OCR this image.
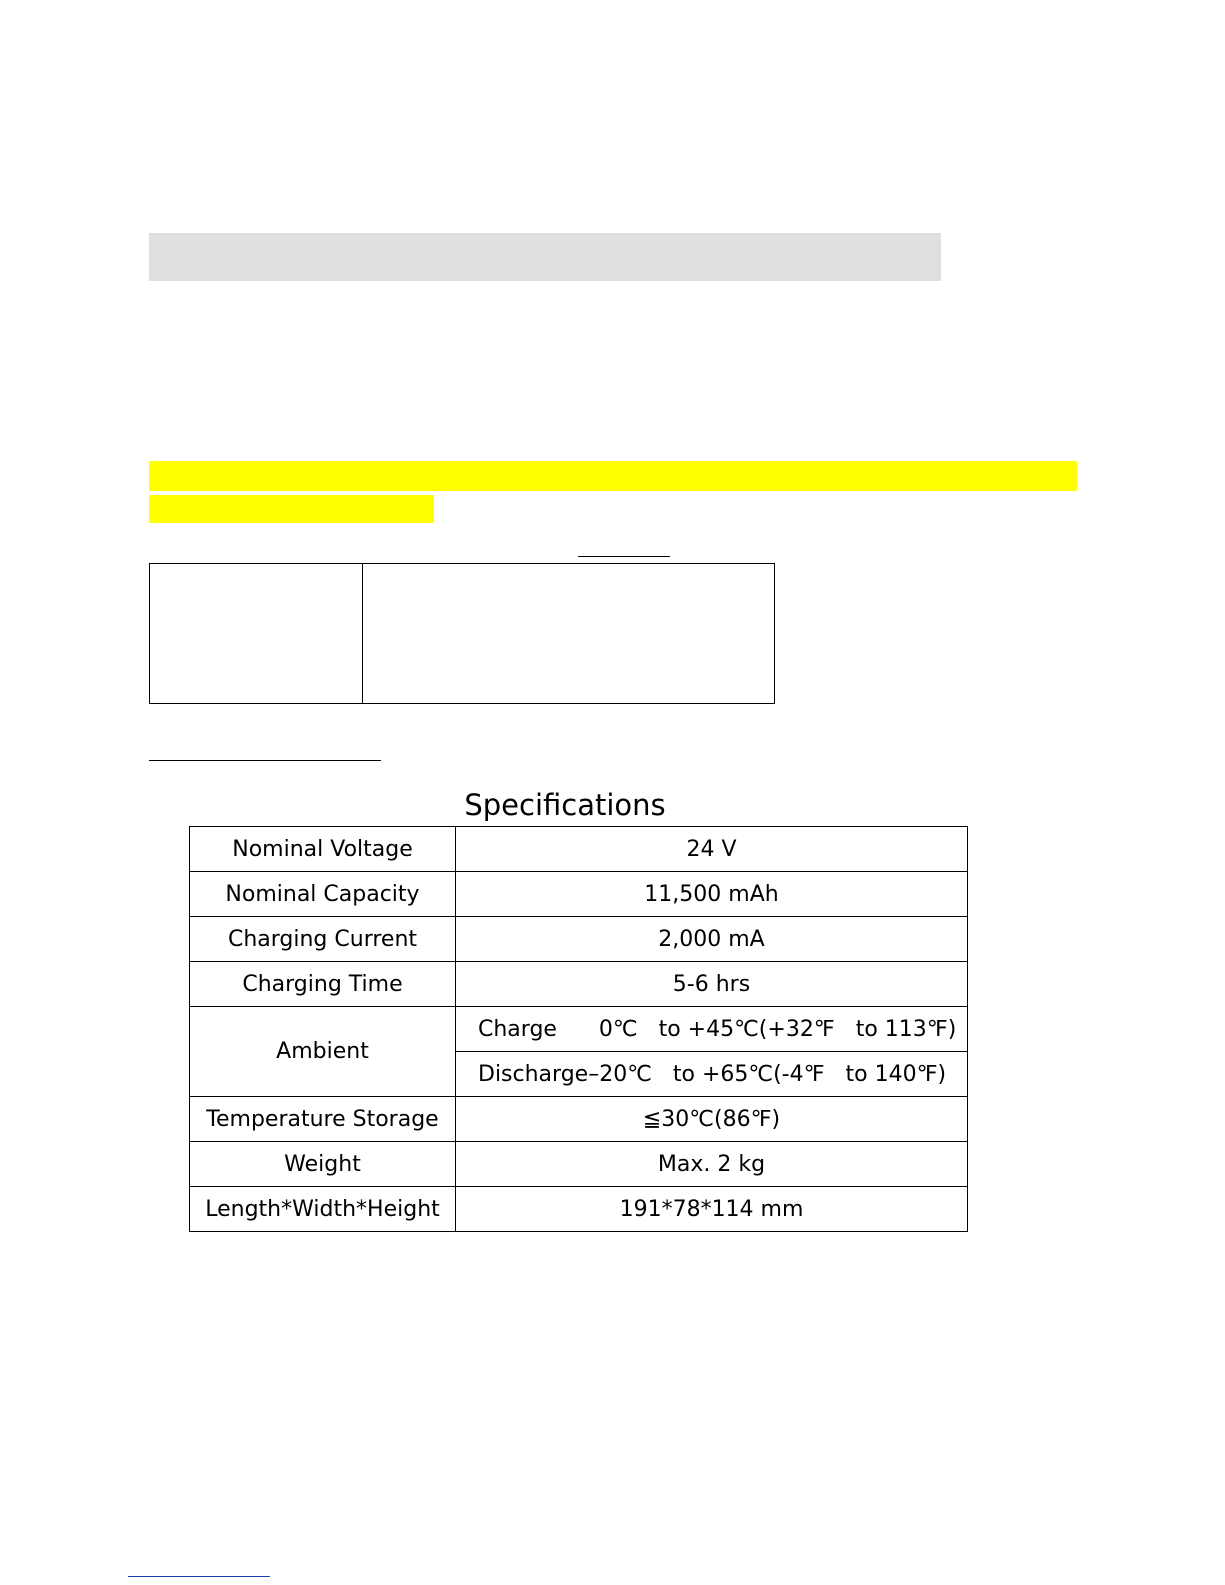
Specifications
Nominal Voltage	24 V
Nominal Capacity	11,500 mAh
Charging Current	2,000 mA
Charging Time	5-6 hrs
Ambient	Charge      0℃   to +45℃(+32℉   to 113℉)
	Discharge–20℃   to +65℃(-4℉   to 140℉)
Temperature Storage	≦30℃(86℉)
Weight	Max. 2 kg
Length*Width*Height	191*78*114 mm
